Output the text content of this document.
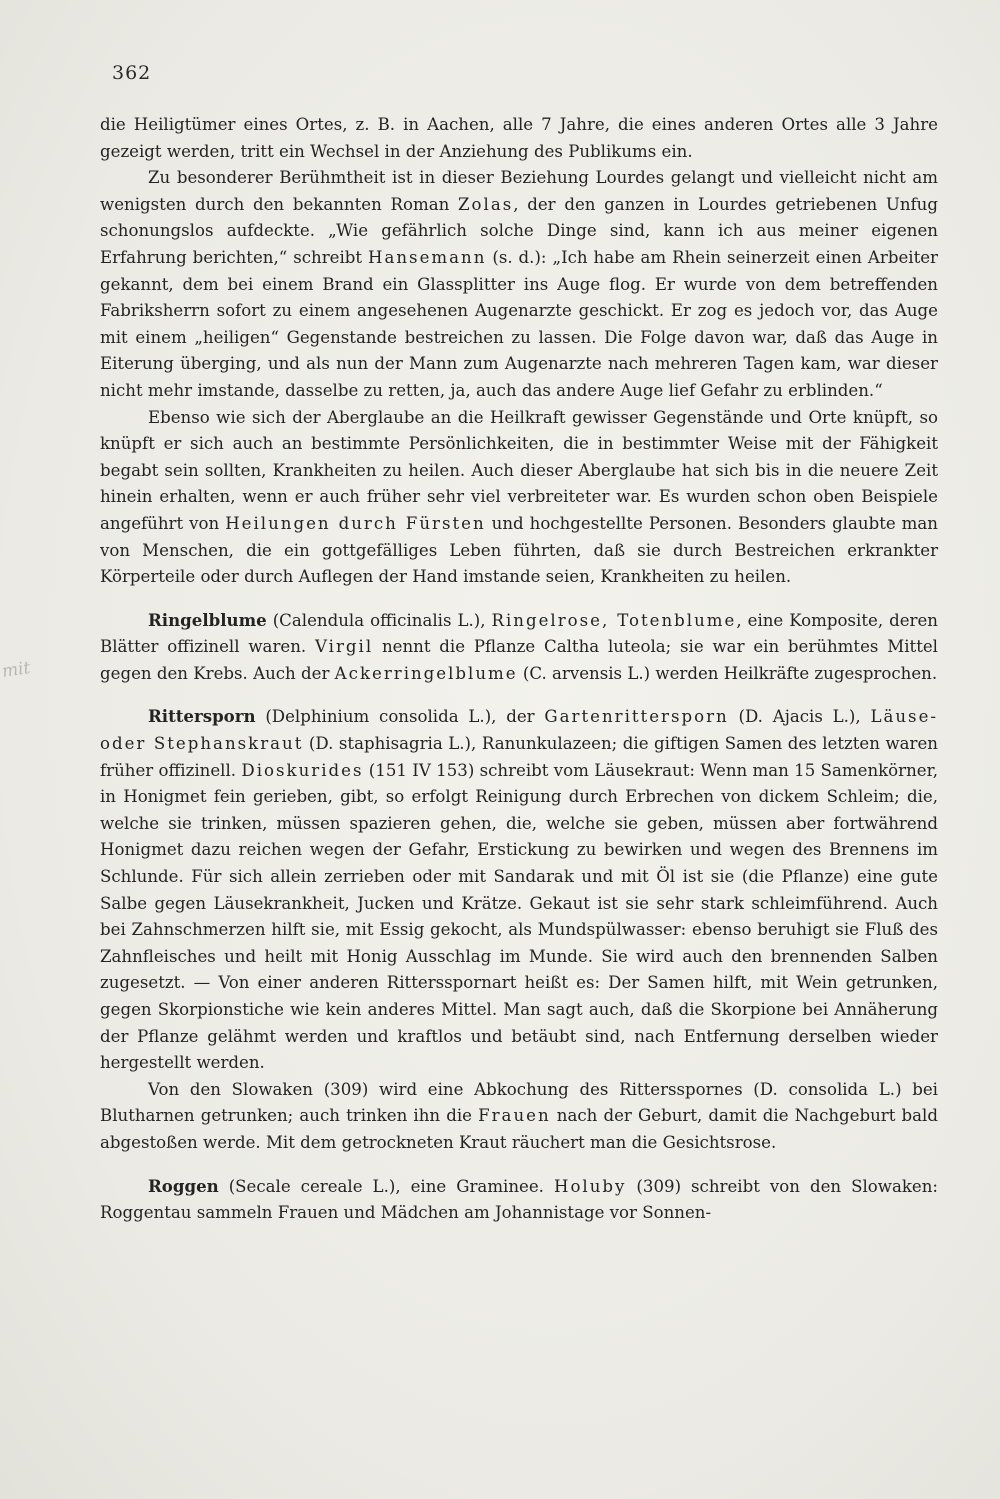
362
mit

die Heiligtümer eines Ortes, z. B. in Aachen, alle 7 Jahre, die eines anderen Ortes alle 3 Jahre gezeigt werden, tritt ein Wechsel in der Anziehung des Publikums ein.

Zu besonderer Berühmtheit ist in dieser Beziehung Lourdes gelangt und vielleicht nicht am wenigsten durch den bekannten Roman Zolas, der den ganzen in Lourdes getriebenen Unfug schonungslos aufdeckte. „Wie gefährlich solche Dinge sind, kann ich aus meiner eigenen Erfahrung berichten,“ schreibt Hansemann (s. d.): „Ich habe am Rhein seinerzeit einen Arbeiter gekannt, dem bei einem Brand ein Glassplitter ins Auge flog. Er wurde von dem betreffenden Fabriksherrn sofort zu einem angesehenen Augenarzte geschickt. Er zog es jedoch vor, das Auge mit einem „heiligen“ Gegenstande bestreichen zu lassen. Die Folge davon war, daß das Auge in Eiterung überging, und als nun der Mann zum Augenarzte nach mehreren Tagen kam, war dieser nicht mehr imstande, dasselbe zu retten, ja, auch das andere Auge lief Gefahr zu erblinden.“

Ebenso wie sich der Aberglaube an die Heilkraft gewisser Gegenstände und Orte knüpft, so knüpft er sich auch an bestimmte Persönlichkeiten, die in bestimmter Weise mit der Fähigkeit begabt sein sollten, Krankheiten zu heilen. Auch dieser Aberglaube hat sich bis in die neuere Zeit hinein erhalten, wenn er auch früher sehr viel verbreiteter war. Es wurden schon oben Beispiele angeführt von Heilungen durch Fürsten und hochgestellte Personen. Besonders glaubte man von Menschen, die ein gottgefälliges Leben führten, daß sie durch Bestreichen erkrankter Körperteile oder durch Auflegen der Hand imstande seien, Krankheiten zu heilen.

Ringelblume (Calendula officinalis L.), Ringelrose, Totenblume, eine Komposite, deren Blätter offizinell waren. Virgil nennt die Pflanze Caltha luteola; sie war ein berühmtes Mittel gegen den Krebs. Auch der Ackerringelblume (C. arvensis L.) werden Heilkräfte zugesprochen.

Rittersporn (Delphinium consolida L.), der Gartenrittersporn (D. Ajacis L.), Läuse- oder Stephanskraut (D. staphisagria L.), Ranunkulazeen; die giftigen Samen des letzten waren früher offizinell. Dioskurides (151 IV 153) schreibt vom Läusekraut: Wenn man 15 Samenkörner, in Honigmet fein gerieben, gibt, so erfolgt Reinigung durch Erbrechen von dickem Schleim; die, welche sie trinken, müssen spazieren gehen, die, welche sie geben, müssen aber fortwährend Honigmet dazu reichen wegen der Gefahr, Erstickung zu bewirken und wegen des Brennens im Schlunde. Für sich allein zerrieben oder mit Sandarak und mit Öl ist sie (die Pflanze) eine gute Salbe gegen Läusekrankheit, Jucken und Krätze. Gekaut ist sie sehr stark schleimführend. Auch bei Zahnschmerzen hilft sie, mit Essig gekocht, als Mundspülwasser: ebenso beruhigt sie Fluß des Zahnfleisches und heilt mit Honig Ausschlag im Munde. Sie wird auch den brennenden Salben zugesetzt. — Von einer anderen Rittersspornart heißt es: Der Samen hilft, mit Wein getrunken, gegen Skorpionstiche wie kein anderes Mittel. Man sagt auch, daß die Skorpione bei Annäherung der Pflanze gelähmt werden und kraftlos und betäubt sind, nach Entfernung derselben wieder hergestellt werden.

Von den Slowaken (309) wird eine Abkochung des Rittersspornes (D. consolida L.) bei Blutharnen getrunken; auch trinken ihn die Frauen nach der Geburt, damit die Nachgeburt bald abgestoßen werde. Mit dem getrockneten Kraut räuchert man die Gesichtsrose.

Roggen (Secale cereale L.), eine Graminee. Holuby (309) schreibt von den Slowaken: Roggentau sammeln Frauen und Mädchen am Johannistage vor Sonnen-
